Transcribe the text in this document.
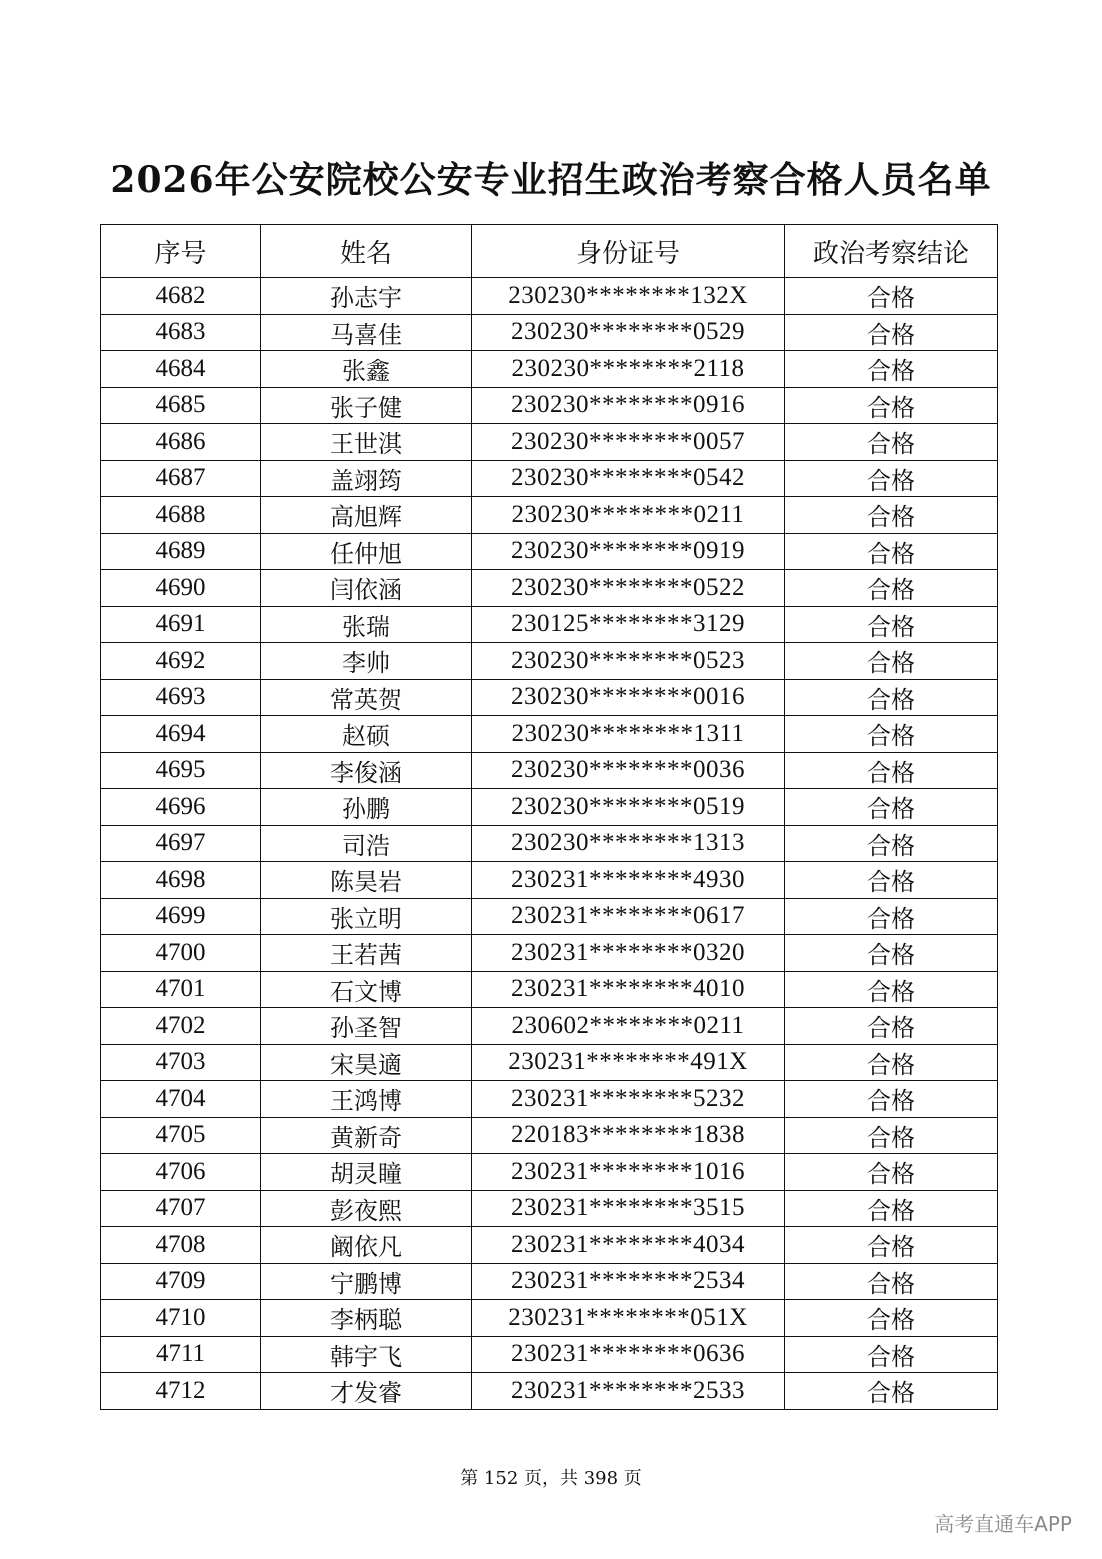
2026年公安院校公安专业招生政治考察合格人员名单
序号	姓名	身份证号	政治考察结论
4682	孙志宇	230230********132X	合格
4683	马喜佳	230230********0529	合格
4684	张鑫	230230********2118	合格
4685	张子健	230230********0916	合格
4686	王世淇	230230********0057	合格
4687	盖翊筠	230230********0542	合格
4688	高旭辉	230230********0211	合格
4689	任仲旭	230230********0919	合格
4690	闫依涵	230230********0522	合格
4691	张瑞	230125********3129	合格
4692	李帅	230230********0523	合格
4693	常英贺	230230********0016	合格
4694	赵硕	230230********1311	合格
4695	李俊涵	230230********0036	合格
4696	孙鹏	230230********0519	合格
4697	司浩	230230********1313	合格
4698	陈昊岩	230231********4930	合格
4699	张立明	230231********0617	合格
4700	王若茜	230231********0320	合格
4701	石文博	230231********4010	合格
4702	孙圣智	230602********0211	合格
4703	宋昊適	230231********491X	合格
4704	王鸿博	230231********5232	合格
4705	黄新奇	220183********1838	合格
4706	胡灵瞳	230231********1016	合格
4707	彭夜熙	230231********3515	合格
4708	阚依凡	230231********4034	合格
4709	宁鹏博	230231********2534	合格
4710	李柄聪	230231********051X	合格
4711	韩宇飞	230231********0636	合格
4712	才发睿	230231********2533	合格
第 152 页，共 398 页
高考直通车APP
